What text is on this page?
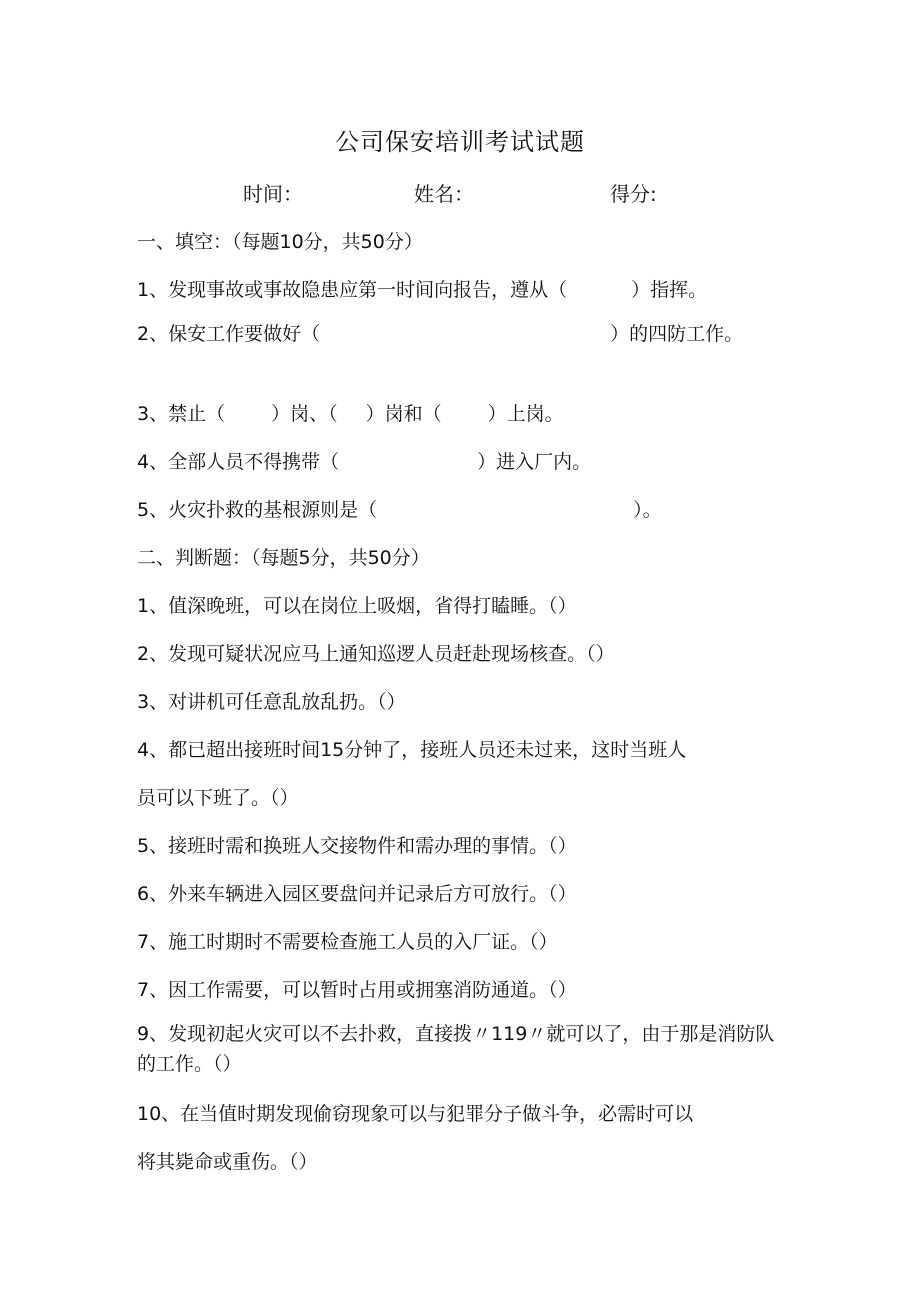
公司保安培训考试试题
时间：	姓名：	得分:
一、填空：（每题10分，共50分）
1、发现事故或事故隐患应第一时间向报告，遵从（	）指挥。
2、保安工作要做好（	）的四防工作。
3、禁止（ ）岗、（ ）岗和（ ）上岗。
4、全部人员不得携带（	）进入厂内。
5、火灾扑救的基根源则是（	）。
二、判断题：（每题5分，共50分）
1、值深晚班，可以在岗位上吸烟，省得打瞌睡。（）
2、发现可疑状况应马上通知巡逻人员赶赴现场核查。（）
3、对讲机可任意乱放乱扔。（）
4、都已超出接班时间15分钟了，接班人员还未过来，这时当班人
员可以下班了。（）
5、接班时需和换班人交接物件和需办理的事情。（）
6、外来车辆进入园区要盘问并记录后方可放行。（）
7、施工时期时不需要检查施工人员的入厂证。（）
7、因工作需要，可以暂时占用或拥塞消防通道。（）
9、发现初起火灾可以不去扑救，直接拨〃119〃就可以了，由于那是消防队的工作。（）
10、在当值时期发现偷窃现象可以与犯罪分子做斗争，必需时可以
将其毙命或重伤。（）
